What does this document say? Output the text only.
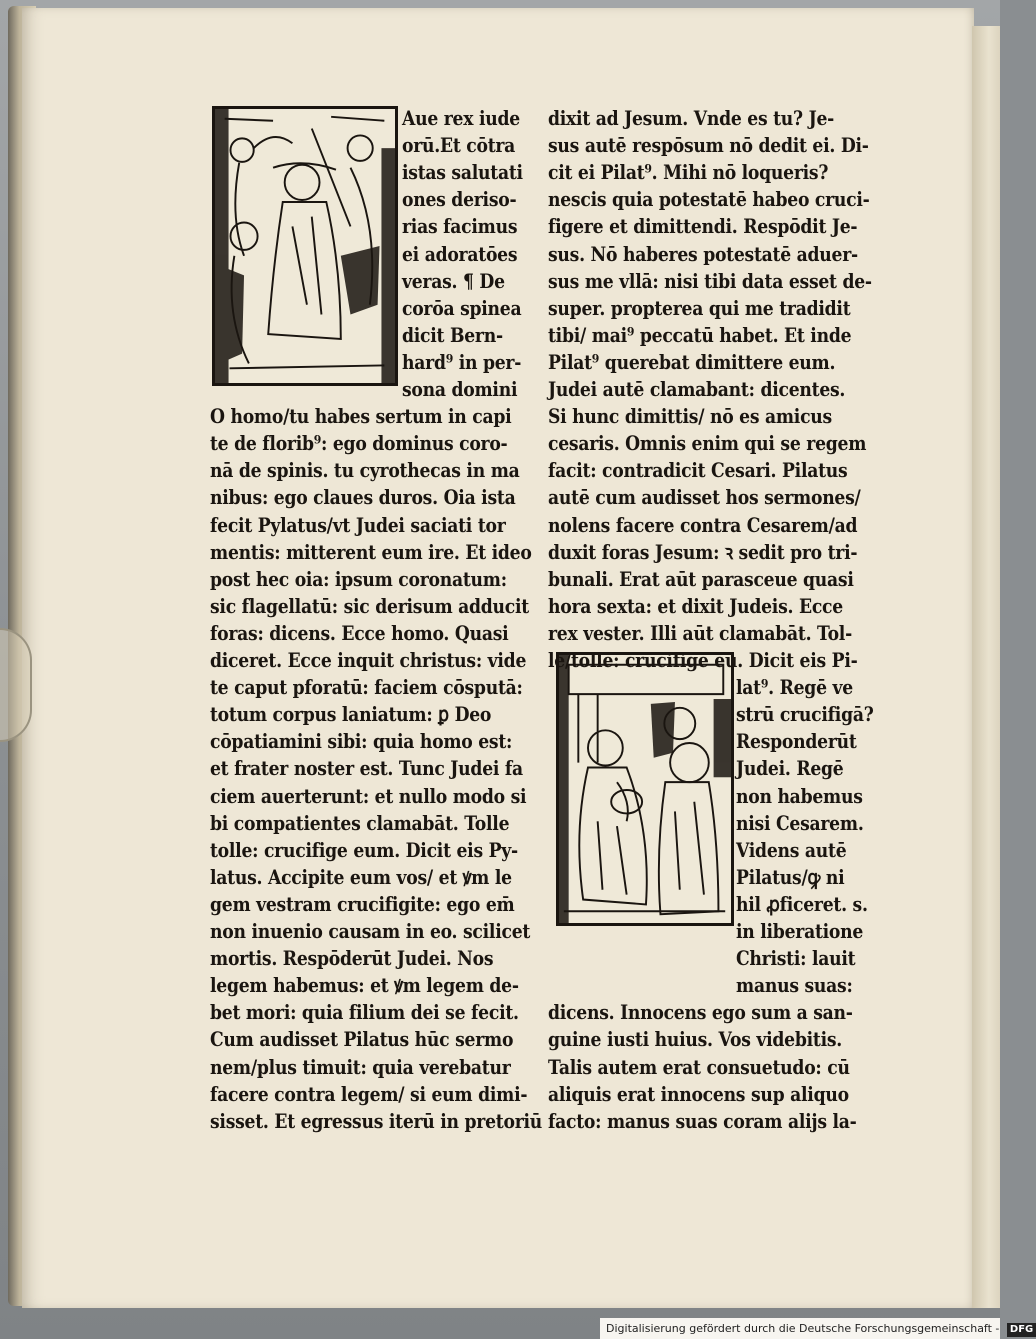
Aue rex iude
orū.Et cōtra
istas salutati
ones deriso-
rias facimus
ei adoratōes
veras. ¶ De
corōa spinea
dicit Bern-
hard⁹ in per-
sona domini
O homo/tu habes sertum in capi
te de florib⁹: ego dominus coro-
nā de spinis. tu cyrothecas in ma
nibus: ego claues duros. Oia ista
fecit Pylatus/vt Judei saciati tor
mentis: mitterent eum ire. Et ideo
post hec oia: ipsum coronatum:
sic flagellatū: sic derisum adducit
foras: dicens. Ecce homo. Quasi
diceret. Ecce inquit christus: vide
te caput pforatū: faciem cōsputā:
totum corpus laniatum: ꝑ Deo
cōpatiamini sibi: quia homo est:
et frater noster est. Tunc Judei fa
ciem auerterunt: et nullo modo si
bi compatientes clamabāt. Tolle
tolle: crucifige eum. Dicit eis Py-
latus. Accipite eum vos/ et ꝟm le
gem vestram crucifigite: ego em̄
non inuenio causam in eo. scilicet
mortis. Respōderūt Judei. Nos
legem habemus: et ꝟm legem de-
bet mori: quia filium dei se fecit.
Cum audisset Pilatus hūc sermo
nem/plus timuit: quia verebatur
facere contra legem/ si eum dimi-
sisset. Et egressus iterū in pretoriū
dixit ad Jesum. Vnde es tu? Je-
sus autē respōsum nō dedit ei. Di-
cit ei Pilat⁹. Mihi nō loqueris?
nescis quia potestatē habeo cruci-
figere et dimittendi. Respōdit Je-
sus. Nō haberes potestatē aduer-
sus me vllā: nisi tibi data esset de-
super. propterea qui me tradidit
tibi/ mai⁹ peccatū habet. Et inde
Pilat⁹ querebat dimittere eum.
Judei autē clamabant: dicentes.
Si hunc dimittis/ nō es amicus
cesaris. Omnis enim qui se regem
facit: contradicit Cesari. Pilatus
autē cum audisset hos sermones/
nolens facere contra Cesarem/ad
duxit foras Jesum: ꝛ sedit pro tri-
bunali. Erat aūt parasceue quasi
hora sexta: et dixit Judeis. Ecce
rex vester. Illi aūt clamabāt. Tol-
le/tolle: crucifige eū. Dicit eis Pi-
lat⁹. Regē ve
strū crucifigā?
Responderūt
Judei. Regē
non habemus
nisi Cesarem.
Videns autē
Pilatus/ꝙ ni
hil ꝓficeret. s.
in liberatione
Christi: lauit
manus suas:
dicens. Innocens ego sum a san-
guine iusti huius. Vos videbitis.
Talis autem erat consuetudo: cū
aliquis erat innocens sup aliquo
facto: manus suas coram alijs la-
Digitalisierung gefördert durch die Deutsche Forschungsgemeinschaft - DFG
